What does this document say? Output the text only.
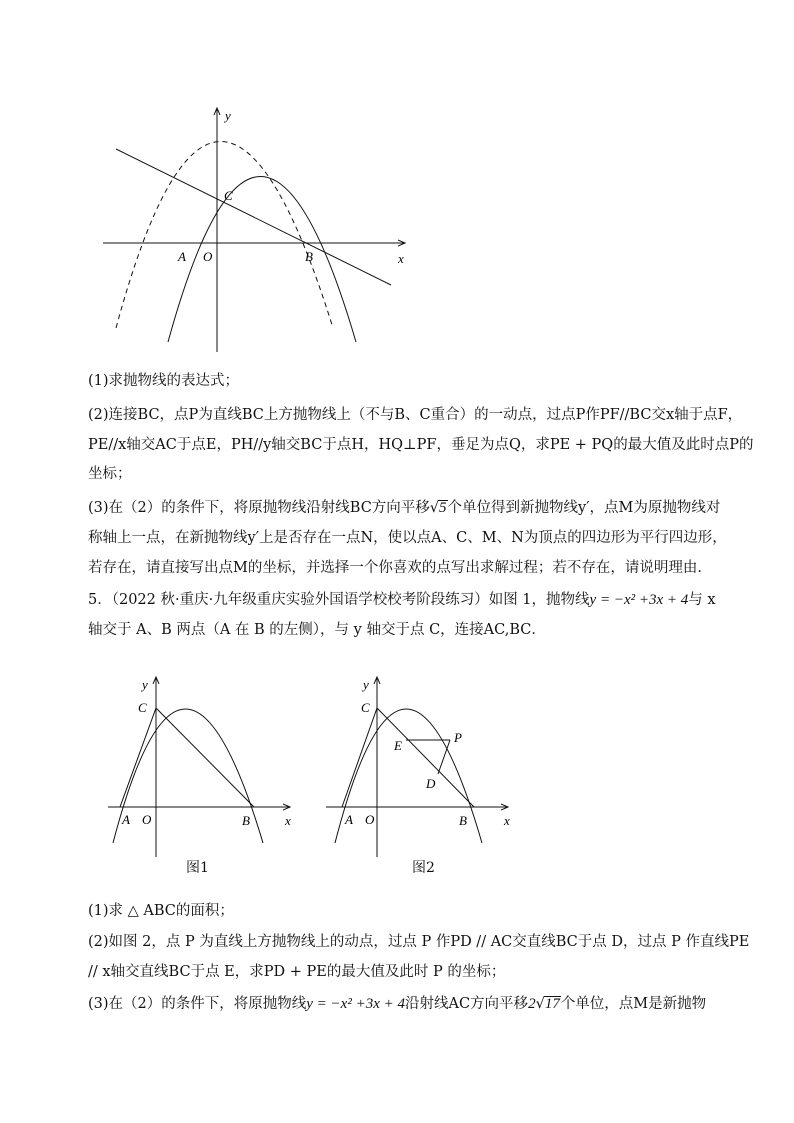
y
x
C
A O	B
(1)求抛物线的表达式；
(2)连接BC，点P为直线BC上方抛物线上（不与B、C重合）的一动点，过点P作PF//BC交x轴于点F，
PE//x轴交AC于点E，PH//y轴交BC于点H，HQ⊥PF，垂足为点Q，求PE + PQ的最大值及此时点P的
坐标；
(3)在（2）的条件下，将原抛物线沿射线BC方向平移√5个单位得到新抛物线y′，点M为原抛物线对
称轴上一点，在新抛物线y′上是否存在一点N，使以点A、C、M、N为顶点的四边形为平行四边形，
若存在，请直接写出点M的坐标，并选择一个你喜欢的点写出求解过程；若不存在，请说明理由．
5．（2022 秋·重庆·九年级重庆实验外国语学校校考阶段练习）如图 1，抛物线y = −x² +3x + 4与 x
轴交于 A、B 两点（A 在 B 的左侧），与 y 轴交于点 C，连接AC,BC．
y
x
C
A O	B
图1
y
x
C
E
P
D
A O	B
图2
(1)求 △ ABC的面积；
(2)如图 2，点 P 为直线上方抛物线上的动点，过点 P 作PD // AC交直线BC于点 D，过点 P 作直线PE
// x轴交直线BC于点 E，求PD + PE的最大值及此时 P 的坐标；
(3)在（2）的条件下，将原抛物线y = −x² +3x + 4沿射线AC方向平移2√17个单位，点M是新抛物
